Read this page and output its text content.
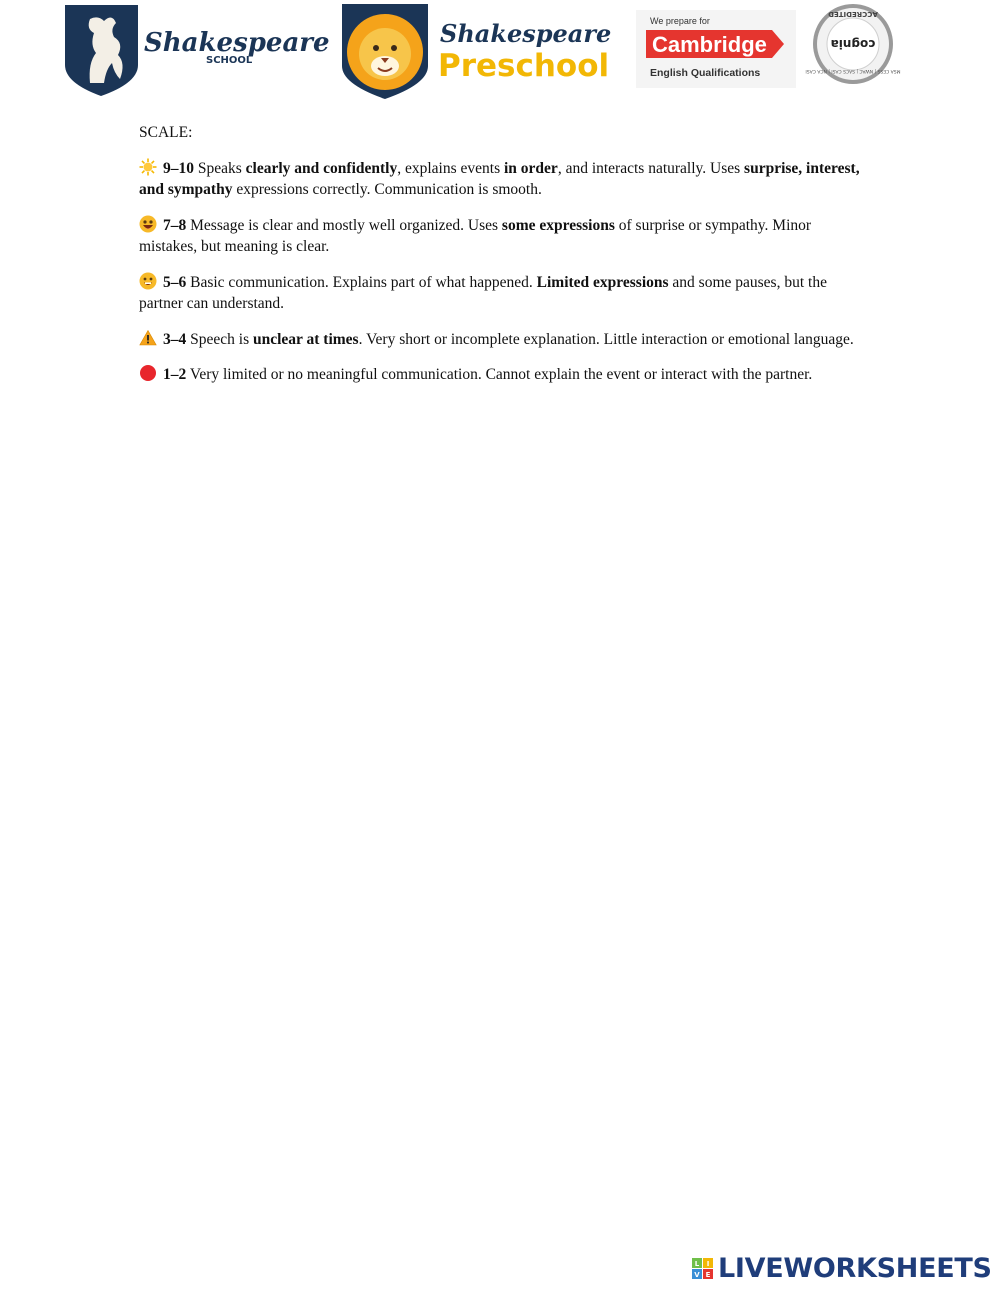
Shakespeare
SCHOOL
Shakespeare
Preschool
We prepare for
Cambridge
English Qualifications
cognia
MSA CESS | NWAC | SACS CASI | NCA CASI
ACCREDITED

SCALE:

9–10 Speaks clearly and confidently, explains events in order, and interacts naturally. Uses surprise, interest, and sympathy expressions correctly. Communication is smooth.

7–8 Message is clear and mostly well organized. Uses some expressions of surprise or sympathy. Minor mistakes, but meaning is clear.

5–6 Basic communication. Explains part of what happened. Limited expressions and some pauses, but the partner can understand.

3–4 Speech is unclear at times. Very short or incomplete explanation. Little interaction or emotional language.

1–2 Very limited or no meaningful communication. Cannot explain the event or interact with the partner.

L I
V E LIVEWORKSHEETS
